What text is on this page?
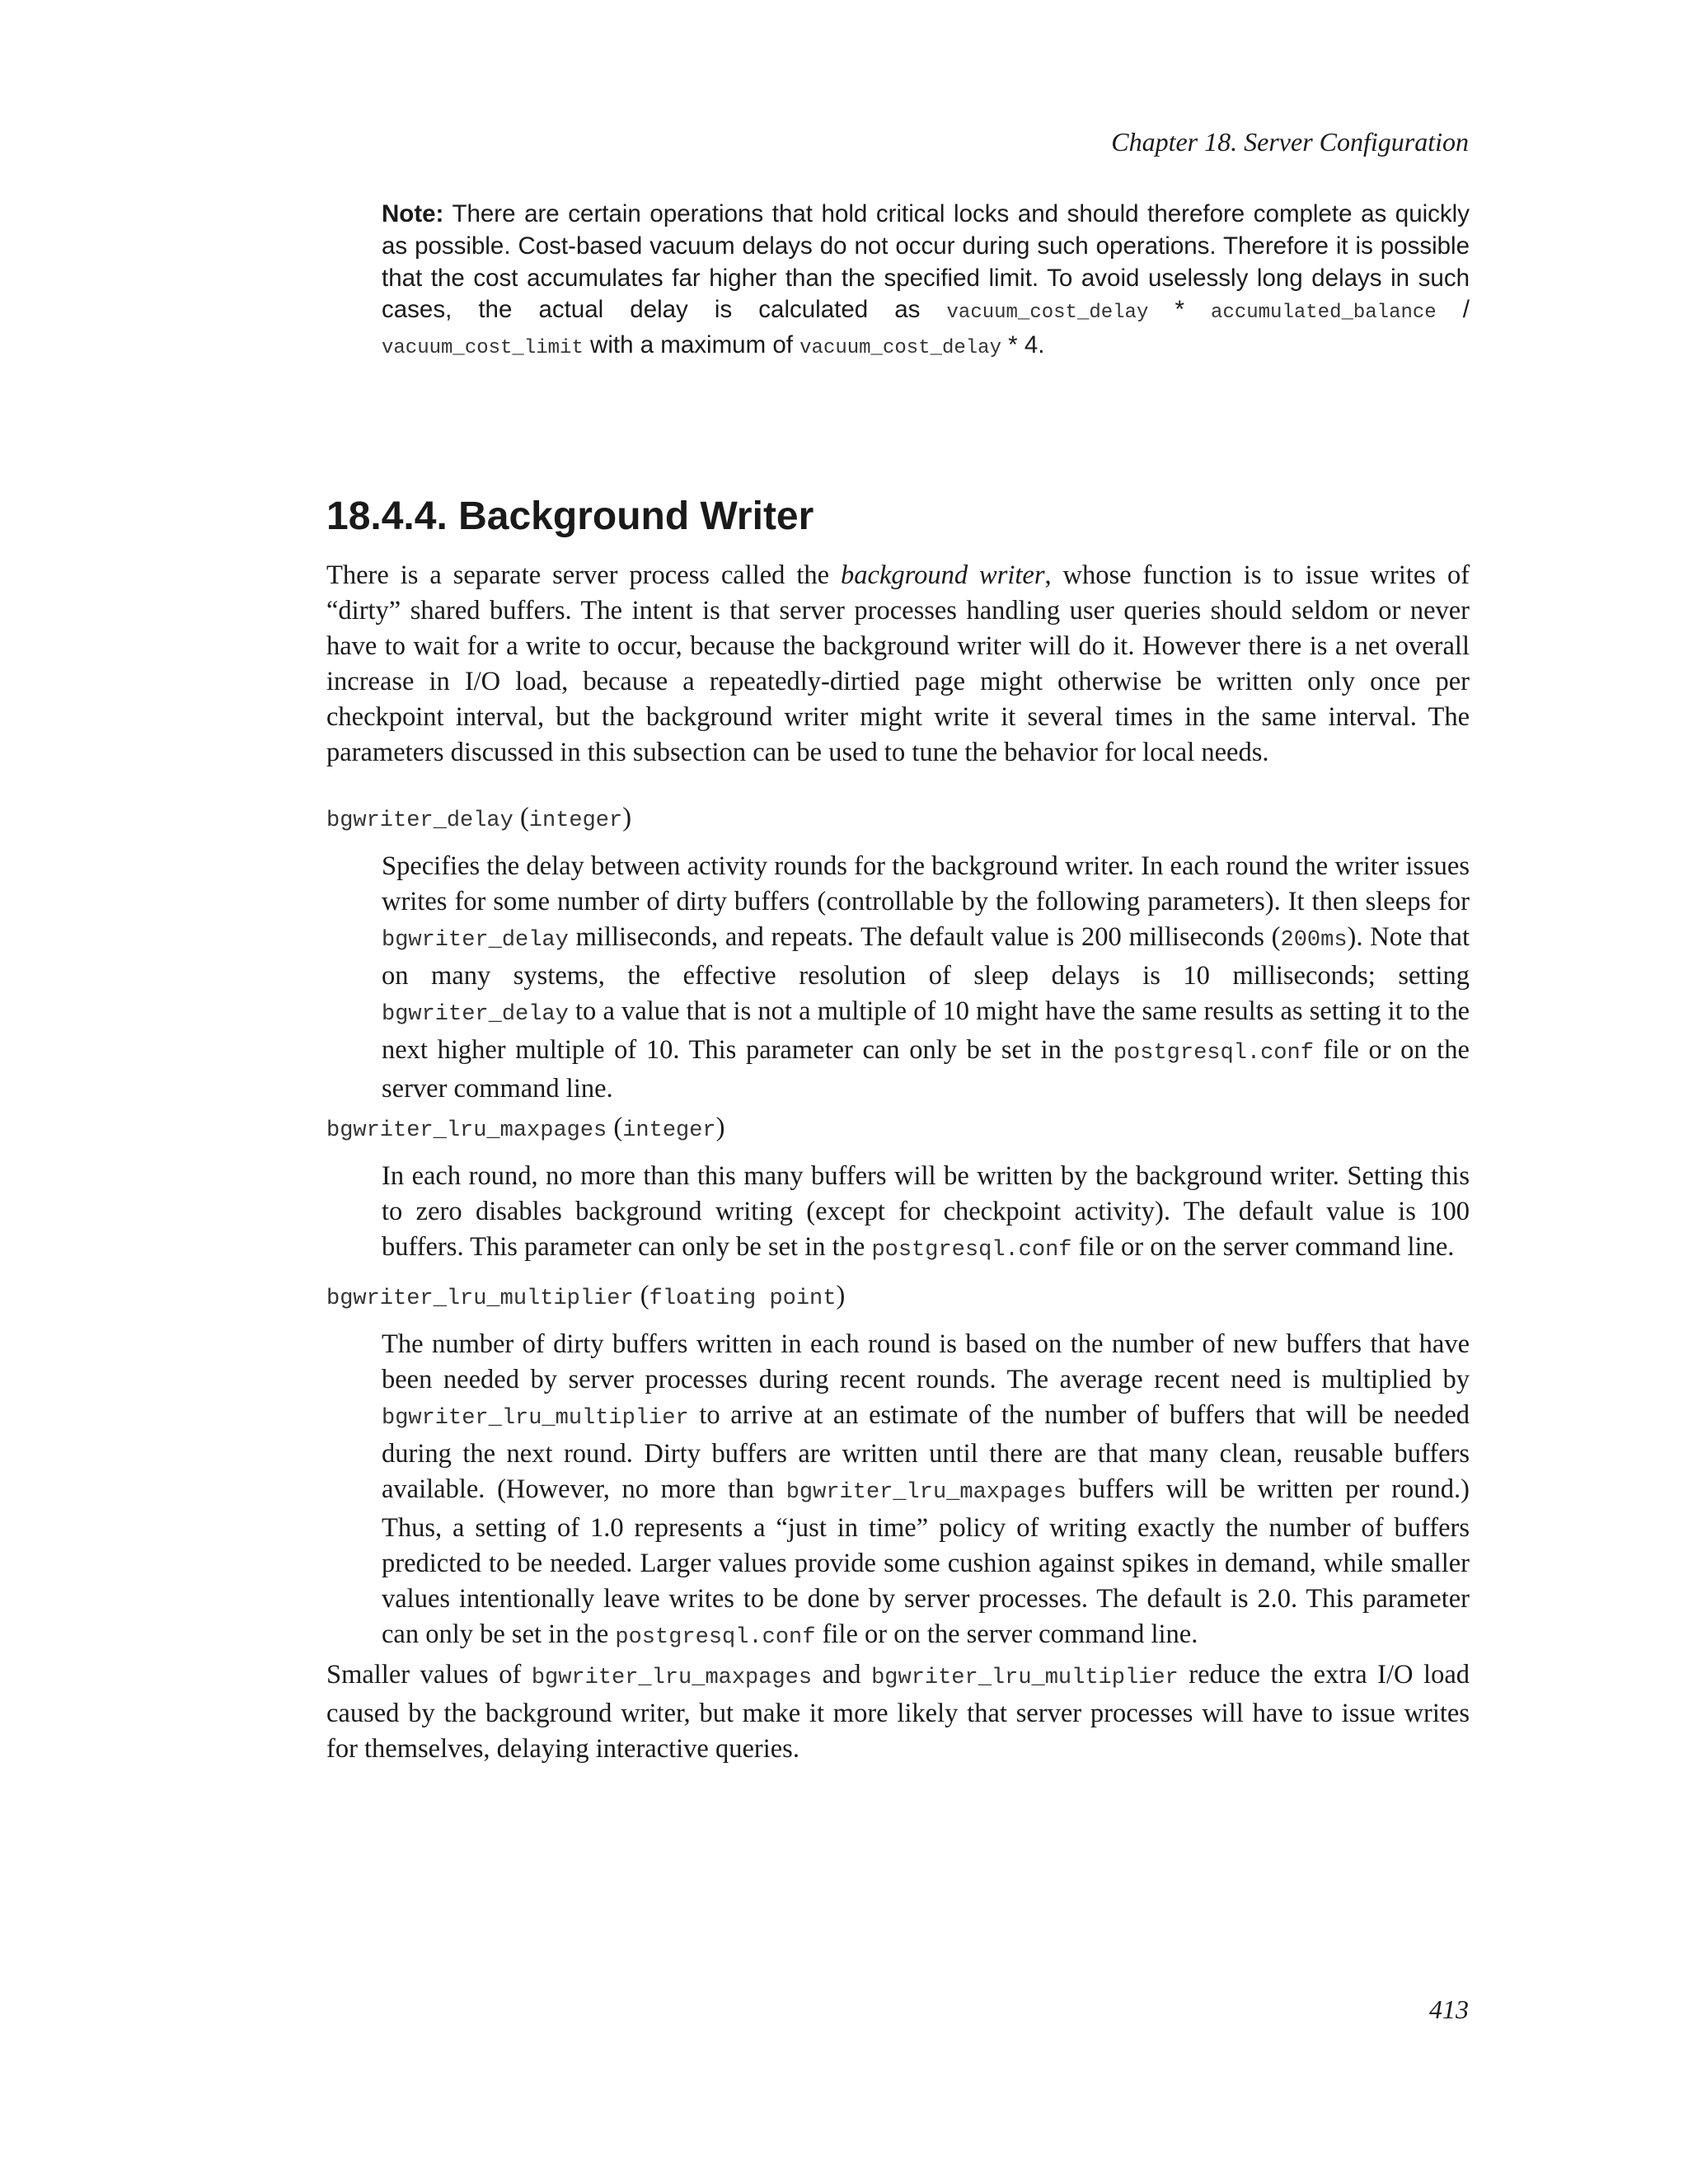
Chapter 18. Server Configuration
Note: There are certain operations that hold critical locks and should therefore complete as quickly as possible. Cost-based vacuum delays do not occur during such operations. Therefore it is possible that the cost accumulates far higher than the specified limit. To avoid uselessly long delays in such cases, the actual delay is calculated as vacuum_cost_delay * accumulated_balance / vacuum_cost_limit with a maximum of vacuum_cost_delay * 4.
18.4.4. Background Writer
There is a separate server process called the background writer, whose function is to issue writes of “dirty” shared buffers. The intent is that server processes handling user queries should seldom or never have to wait for a write to occur, because the background writer will do it. However there is a net overall increase in I/O load, because a repeatedly-dirtied page might otherwise be written only once per checkpoint interval, but the background writer might write it several times in the same interval. The parameters discussed in this subsection can be used to tune the behavior for local needs.
bgwriter_delay (integer)
Specifies the delay between activity rounds for the background writer. In each round the writer issues writes for some number of dirty buffers (controllable by the following parameters). It then sleeps for bgwriter_delay milliseconds, and repeats. The default value is 200 milliseconds (200ms). Note that on many systems, the effective resolution of sleep delays is 10 milliseconds; setting bgwriter_delay to a value that is not a multiple of 10 might have the same results as setting it to the next higher multiple of 10. This parameter can only be set in the postgresql.conf file or on the server command line.
bgwriter_lru_maxpages (integer)
In each round, no more than this many buffers will be written by the background writer. Setting this to zero disables background writing (except for checkpoint activity). The default value is 100 buffers. This parameter can only be set in the postgresql.conf file or on the server command line.
bgwriter_lru_multiplier (floating point)
The number of dirty buffers written in each round is based on the number of new buffers that have been needed by server processes during recent rounds. The average recent need is multiplied by bgwriter_lru_multiplier to arrive at an estimate of the number of buffers that will be needed during the next round. Dirty buffers are written until there are that many clean, reusable buffers available. (However, no more than bgwriter_lru_maxpages buffers will be written per round.) Thus, a setting of 1.0 represents a “just in time” policy of writing exactly the number of buffers predicted to be needed. Larger values provide some cushion against spikes in demand, while smaller values intentionally leave writes to be done by server processes. The default is 2.0. This parameter can only be set in the postgresql.conf file or on the server command line.
Smaller values of bgwriter_lru_maxpages and bgwriter_lru_multiplier reduce the extra I/O load caused by the background writer, but make it more likely that server processes will have to issue writes for themselves, delaying interactive queries.
413
